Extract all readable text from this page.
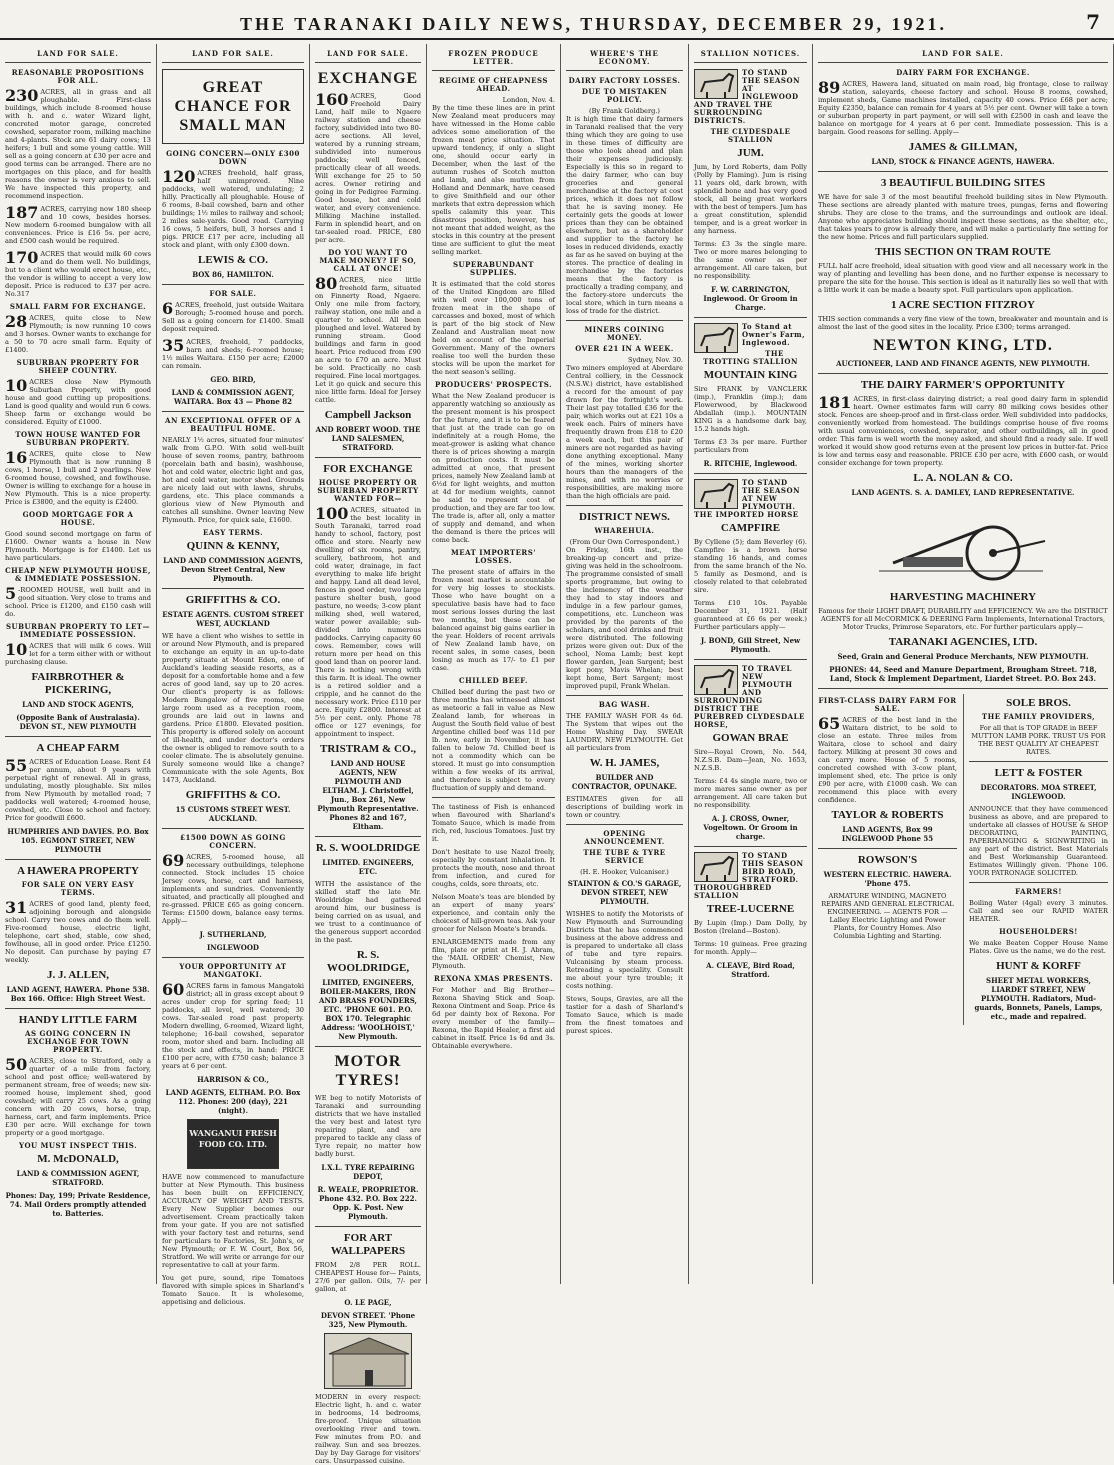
THE TARANAKI DAILY NEWS, THURSDAY, DECEMBER 29, 1921.	7
LAND FOR SALE.
REASONABLE PROPOSITIONS FOR ALL.

230 ACRES, all in grass and all ploughable. First-class buildings, which include 8-roomed house with h. and c. water Wizard light, concreted motor garage, concreted cowshed, separator room, milking machine and 4-plants. Stock are 61 dairy cows; 13 heifers; 1 bull and some young cattle. Will sell as a going concern at £30 per acre and good terms can be arranged. There are no mortgages on this place, and for health reasons the owner is very anxious to sell. We have inspected this property, and recommend inspection.

187 ACRES, carrying now 180 sheep and 10 cows, besides horses. New modern 6-roomed bungalow with all conveniences. Price is £16 5s. per acre, and £500 cash would be required.

170 ACRES that would milk 60 cows and do them well. No buildings, but to a client who would erect house, etc., the vendor is willing to accept a very low deposit. Price is reduced to £37 per acre. No.317

SMALL FARM FOR EXCHANGE.

28 ACRES, quite close to New Plymouth; is now running 10 cows and 3 horses. Owner wants to exchange for a 50 to 70 acre small farm. Equity of £1400.

SUBURBAN PROPERTY FOR SHEEP COUNTRY.

10 ACRES close New Plymouth Suburban Property, with good house and good cutting up propositions. Land is good quality and would run 6 cows. Sheep farm or exchange would be considered. Equity of £1000.

TOWN HOUSE WANTED FOR SUBURBAN PROPERTY.

16 ACRES, quite close to New Plymouth that is now running 8 cows, 1 horse, 1 bull and 2 yearlings. New 6-roomed house, cowshed, and fowlhouse. Owner is willing to exchange for a house in New Plymouth. This is a nice property. Price is £3800, and the equity is £2400.

GOOD MORTGAGE FOR A HOUSE.

Good sound second mortgage on farm of £1600. Owner wants a house in New Plymouth. Mortgage is for £1400. Let us have particulars.

CHEAP NEW PLYMOUTH HOUSE, & IMMEDIATE POSSESSION.

5 -ROOMED HOUSE, well built and in good situation. Very close to trams and school. Price is £1200, and £150 cash will do.

SUBURBAN PROPERTY TO LET—IMMEDIATE POSSESSION.

10 ACRES that will milk 6 cows. Will let for a term either with or without purchasing clause.

FAIRBROTHER & PICKERING,
LAND AND STOCK AGENTS,
(Opposite Bank of Australasia). DEVON ST., NEW PLYMOUTH
A CHEAP FARM

55 ACRES of Education Lease. Rent £4 per annum, about 9 years with perpetual right of renewal. All in grass, undulating, mostly ploughable. Six miles from New Plymouth by metalled road; 7 paddocks well watered; 4-roomed house, cowshed, etc. Close to school and factory. Price for goodwill £600.

HUMPHRIES AND DAVIES. P.O. Box 105. EGMONT STREET, NEW PLYMOUTH
A HAWERA PROPERTY
FOR SALE ON VERY EASY TERMS.

31 ACRES of good land, plenty feed, adjoining borough and alongside school. Carry two cows and do them well. Five-roomed house, electric light, telephone, cart shed, stable, cow shed, fowlhouse, all in good order. Price £1250. No deposit. Can purchase by paying £7 weekly.

J. J. ALLEN,
LAND AGENT, HAWERA. Phone 538. Box 166. Office: High Street West.
HANDY LITTLE FARM
AS GOING CONCERN IN EXCHANGE FOR TOWN PROPERTY.

50 ACRES, close to Stratford, only a quarter of a mile from factory, school and post office; well-watered by permanent stream, free of weeds; new six-roomed house, implement shed, good cowshed; will carry 25 cows. As a going concern with 20 cows, horse, trap, harness, cart, and farm implements. Price £30 per acre. Will exchange for town property or a good mortgage.

YOU MUST INSPECT THIS.
M. McDONALD,
LAND & COMMISSION AGENT, STRATFORD.
Phones: Day, 199; Private Residence, 74. Mail Orders promptly attended to. Batteries.
LAND FOR SALE.
GREAT CHANCE FOR SMALL MAN
GOING CONCERN—ONLY £300 DOWN

120 ACRES freehold, half grass, half unimproved. Nine paddocks, well watered, undulating; 2 hilly. Practically all ploughable. House of 6 rooms, 8-bail cowshed, barn and other buildings; 1½ miles to railway and school; 2 miles sale-yards. Good road. Carrying 16 cows, 5 heifers, bull, 3 horses and 1 pigs. PRICE £17 per acre, including all stock and plant, with only £300 down.

LEWIS & CO.
BOX 86, HAMILTON.
FOR SALE.

6 ACRES, freehold, just outside Waitara Borough; 5-roomed house and porch. Sell as a going concern for £1400. Small deposit required.

35 ACRES, freehold, 7 paddocks, barn and sheds; 6-roomed house; 1½ miles Waitara. £150 per acre; £2000 can remain.

GEO. BIRD,
LAND & COMMISSION AGENT, WAITARA. Box 43 — Phone 82
AN EXCEPTIONAL OFFER OF A BEAUTIFUL HOME.

NEARLY 1½ acres, situated four minutes' walk from G.P.O. With solid well-built house of seven rooms, pantry, bathroom (porcelain bath and basin), washhouse, hot and cold water, electric light and gas, hot and cold water, motor shed. Grounds are nicely laid out with lawns, shrubs, gardens, etc. This place commands a glorious view of New Plymouth and catches all sunshine. Owner leaving New Plymouth. Price, for quick sale, £1600.

EASY TERMS.
QUINN & KENNY,
LAND AND COMMISSION AGENTS, Devon Street Central, New Plymouth.
GRIFFITHS & CO.
ESTATE AGENTS. CUSTOM STREET WEST, AUCKLAND

WE have a client who wishes to settle in or around New Plymouth, and is prepared to exchange an equity in an up-to-date property situate at Mount Eden, one of Auckland's leading seaside resorts, as a deposit for a comfortable home and a few acres of good land, say up to 20 acres. Our client's property is as follows: Modern Bungalow of five rooms, one large room used as a reception room, grounds are laid out in lawns and gardens. Price £1800. Elevated position. This property is offered solely on account of ill-health, and under doctor's orders the owner is obliged to remove south to a cooler climate. The is absolutely genuine. Surely someone would like a change? Communicate with the sole Agents, Box 1473, Auckland.

GRIFFITHS & CO.
15 CUSTOMS STREET WEST. AUCKLAND.
£1500 DOWN AS GOING CONCERN.

69 ACRES, 5-roomed house, all necessary outbuildings, telephone connected. Stock includes 15 choice Jersey cows, horse, cart and harness, implements and sundries. Conveniently situated, and practically all ploughed and re-grassed. PRICE £65 as going concern. Terms: £1500 down, balance easy terms. Apply—

J. SUTHERLAND,
INGLEWOOD
YOUR OPPORTUNITY AT MANGATOKI.

60 ACRES farm in famous Mangatoki district; all in grass except about 9 acres under crop for spring feed; 11 paddocks, all level, well watered; 30 cows. Tar-sealed road past property. Modern dwelling, 6-roomed, Wizard light, telephone; 16-bail cowshed, separator room, motor shed and barn. Including all the stock and effects, in hand: PRICE £100 per acre, with £750 cash; balance 3 years at 6 per cent.

HARRISON & CO.,
LAND AGENTS, ELTHAM. P.O. Box 112. Phones: 200 (day), 221 (night).
WANGANUI FRESH FOOD CO. LTD.

HAVE now commenced to manufacture butter at New Plymouth. This business has been built on EFFICIENCY, ACCURACY OF WEIGHT AND TESTS. Every New Supplier becomes our advertisement. Cream practically taken from your gate. If you are not satisfied with your factory test and returns, send for particulars to Factories, St. John's, or New Plymouth; or F. W. Court, Box 56, Stratford. We will write or arrange for our representative to call at your farm.

You get pure, sound, ripe Tomatoes flavored with simple spices in Sharland's Tomato Sauce. It is wholesome, appetising and delicious.

LAND FOR SALE.
EXCHANGE

160 ACRES, Good Freehold Dairy Land, half mile to Ngaere railway station and cheese factory, subdivided into two 80-acre sections. All level, watered by a running stream, subdivided into numerous paddocks; well fenced, practically clear of all weeds. Will exchange for 25 to 50 acres. Owner retiring and going in for Pedigree Farming. Good house, hot and cold water, and every convenience. Milking Machine installed. Farm in splendid heart, and on tar-sealed road. PRICE, £80 per acre.

DO YOU WANT TO MAKE MONEY? IF SO, CALL AT ONCE!

80 ACRES, nice little freehold farm, situated on Finnerty Road, Ngaere. Only one mile from factory, railway station, one mile and a quarter to school. All been ploughed and level. Watered by running stream. Good buildings and farm in good heart. Price reduced from £90 an acre to £70 an acre. Must be sold. Practically no cash required. Fine local mortgages. Let it go quick and secure this nice little farm. Ideal for Jersey cattle.

Campbell Jackson
AND ROBERT WOOD. THE LAND SALESMEN, STRATFORD.
FOR EXCHANGE
HOUSE PROPERTY OR SUBURBAN PROPERTY WANTED FOR—

100 ACRES, situated in the best locality in South Taranaki, tarred road handy to school, factory, post office and store. Nearly new dwelling of six rooms, pantry, scullery, bathroom, hot and cold water, drainage, in fact everything to make life bright and happy. Land all dead level, fences in good order, two large pasture shelter bush, good pasture, no weeds; 3-cow plant milking shed, well watered, water power available; sub-divided into numerous paddocks. Carrying capacity 60 cows. Remember, cows will return more per head on this good land than on poorer land. There is nothing wrong with this farm. It is ideal. The owner is a retired soldier and a cripple, and he cannot do the necessary work. Price £110 per acre. Equity £2800. Interest at 5½ per cent. only. Phone 78 office or 127 evenings, for appointment to inspect.

TRISTRAM & CO.,
LAND AND HOUSE AGENTS, NEW PLYMOUTH AND ELTHAM. J. Christoffel, Jun., Box 261, New Plymouth Representative. Phones 82 and 167, Eltham.
R. S. WOOLDRIDGE
LIMITED. ENGINEERS, ETC.

WITH the assistance of the skilled staff the late Mr. Wooldridge had gathered around him, our business is being carried on as usual, and we trust to a continuance of the generous support accorded in the past.

R. S. WOOLDRIDGE,
LIMITED, ENGINEERS, BOILER-MAKERS, IRON AND BRASS FOUNDERS, ETC. 'PHONE 601. P.O. BOX 170. Telegraphic Address: 'WOOLHOIST,' New Plymouth.
MOTOR TYRES!

WE beg to notify Motorists of Taranaki and surrounding districts that we have installed the very best and latest tyre repairing plant, and are prepared to tackle any class of Tyre repair, no matter how badly burst.

I.X.L. TYRE REPAIRING DEPOT,
R. WEALE, PROPRIETOR. Phone 432. P.O. Box 222. Opp. K. Post. New Plymouth.
FOR ART WALLPAPERS

FROM 2/8 PER ROLL. CHEAPEST House for— Paints, 27/6 per gallon. Oils, 7/- per gallon, at

O. LE PAGE,
DEVON STREET. 'Phone 325, New Plymouth.

MODERN in every respect: Electric light, h. and c. water in bedrooms, 14 bedrooms, fire-proof. Unique situation overlooking river and town. Few minutes from P.O. and railway. Sun and sea breezes. Day by Day Garage for visitors' cars. Unsurpassed cuisine.

FROZEN PRODUCE LETTER.
REGIME OF CHEAPNESS AHEAD.
London, Nov. 4.

By the time these lines are in print New Zealand meat producers may have witnessed in the Home cable advices some amelioration of the frozen meat price situation. That upward tendency, if only a slight one, should occur early in December, when the last of the autumn rushes of Scotch mutton and lamb, and also mutton from Holland and Denmark, have ceased to give Smithfield and our other markets that extra depression which spells calamity this year. This disastrous position, however, has not meant that added weight, as the stocks in this country at the present time are sufficient to glut the meat selling market.

SUPERABUNDANT SUPPLIES.

It is estimated that the cold stores of the United Kingdom are filled with well over 100,000 tons of frozen meat in the shape of carcasses and boxed, most of which is part of the big stock of New Zealand and Australian meat now held on account of the Imperial Government. Many of the owners realise too well the burden these stocks will be upon the market for the next season's selling.

PRODUCERS' PROSPECTS.

What the New Zealand producer is apparently watching so anxiously as the present moment is his prospect for the future, and it is to be feared that just at the trade can go on indefinitely at a rough Home, the meat-grower is asking what chance there is of prices showing a margin on production costs. It must be admitted at once, that present prices, namely New Zealand lamb at 6½d for light weights, and mutton at 4d for medium weights, cannot be said to represent cost of production, and they are far too low. The trade is, after all, only a matter of supply and demand, and when the demand is there the prices will come back.

MEAT IMPORTERS' LOSSES.

The present state of affairs in the frozen meat market is accountable for very big losses to stockists. Those who have bought on a speculative basis have had to face most serious losses during the last two months, but these can be balanced against big gains earlier in the year. Holders of recent arrivals of New Zealand lamb have, on recent sales, in some cases, been losing as much as 17/- to £1 per case.

CHILLED BEEF.

Chilled beef during the past two or three months has witnessed almost as meteoric a fall in value as New Zealand lamb, for whereas in August the South field value of best Argentine chilled beef was 11d per lb. now, early in November, it has fallen to below 7d. Chilled beef is not a commodity which can be stored. It must go into consumption within a few weeks of its arrival, and therefore is subject to every fluctuation of supply and demand.

The tastiness of Fish is enhanced when flavoured with Sharland's Tomato Sauce, which is made from rich, red, luscious Tomatoes. Just try it.

Don't hesitate to use Nazol freely, especially by constant inhalation. It protects the mouth, nose and throat from infection, and cured for coughs, colds, sore throats, etc.

Nelson Moate's teas are blended by an expert of many years' experience, and contain only the choicest of hill-grown teas. Ask your grocer for Nelson Moate's brands.

ENLARGEMENTS made from any film, plate or print at H. J. Abram, the 'MAIL ORDER' Chemist, New Plymouth.

REXONA XMAS PRESENTS.

For Mother and Big Brother—Rexona Shaving Stick and Soap. Rexona Ointment and Soap. Price 4s 6d per dainty box of Rexona. For every member of the family—Rexona, the Rapid Healer, a first aid cabinet in itself. Price 1s 6d and 3s. Obtainable everywhere.

WHERE'S THE ECONOMY.
DAIRY FACTORY LOSSES.
DUE TO MISTAKEN POLICY.
(By Frank Goldberg.)

It is high time that dairy farmers in Taranaki realised that the very thing which they are going to use in these times of difficulty are those who look ahead and plan their expenses judiciously. Especially is this so in regard to the dairy farmer, who can buy groceries and general merchandise at the factory at cost prices, which it does not follow that he is saving money. He certainly gets the goods at lower prices than they can be obtained elsewhere, but as a shareholder and supplier to the factory he loses in reduced dividends, exactly as far as he saved on buying at the stores. The practice of dealing in merchandise by the factories means that the factory is practically a trading company, and the factory-store undercuts the local store, which in turn means a loss of trade for the district.

MINERS COINING MONEY.
OVER £21 IN A WEEK.
Sydney, Nov. 30.

Two miners employed at Aberdare Central colliery, in the Cessnock (N.S.W.) district, have established a record for the amount of pay drawn for the fortnight's work. Their last pay totalled £36 for the pair, which works out at £21 10s a week each. Pairs of miners have frequently drawn from £18 to £20 a week each, but this pair of miners are not regarded as having done anything exceptional. Many of the mines, working shorter hours than the managers of the mines, and with no worries or responsibilities, are making more than the high officials are paid.

DISTRICT NEWS.
WHAREHUIA.
(From Our Own Correspondent.)

On Friday, 16th inst., the breaking-up concert and prize-giving was held in the schoolroom. The programme consisted of small sports programme, but owing to the inclemency of the weather they had to stay indoors and indulge in a few parlour games, competitions, etc. Luncheon was provided by the parents of the scholars, and cool drinks and fruit were distributed. The following prizes were given out: Dux of the school, Noma Lamb; best kept flower garden, Jean Sargent; best kept pony, Mavis Whelan; best kept home, Bert Sargent; most improved pupil, Frank Whelan.

BAG WASH.

THE FAMILY WASH FOR 4s 6d. The System that wipes out the Home Washing Day. SWEAR LAUNDRY, NEW PLYMOUTH. Get all particulars from

W. H. JAMES,
BUILDER AND CONTRACTOR, OPUNAKE.

ESTIMATES given for all descriptions of building work in town or country.

OPENING ANNOUNCEMENT.
THE TUBE & TYRE SERVICE
(H. E. Hooker, Vulcaniser.)
STAINTON & CO.'S GARAGE, DEVON STREET, NEW PLYMOUTH.

WISHES to notify the Motorists of New Plymouth and Surrounding Districts that he has commenced business at the above address and is prepared to undertake all class of tube and tyre repairs. Vulcanising by steam process. Retreading a speciality. Consult me about your tyre trouble; it costs nothing.

Stews, Soups, Gravies, are all the tastier for a dash of Sharland's Tomato Sauce, which is made from the finest tomatoes and purest spices.

STALLION NOTICES.
TO STAND THE SEASON AT INGLEWOOD AND TRAVEL THE SURROUNDING DISTRICTS.
THE CLYDESDALE STALLION
JUM.

Jum, by Lord Roberts, dam Polly (Polly by Flaming). Jum is rising 11 years old, dark brown, with splendid bone and has very good stock, all being great workers with the best of tempers. Jum has a great constitution, splendid temper, and is a great worker in any harness.

Terms: £3 3s the single mare. Two or more mares belonging to the same owner as per arrangement. All care taken, but no responsibility.

F. W. CARRINGTON, Inglewood. Or Groom in Charge.
To Stand at Owner's Farm, Inglewood.
THE TROTTING STALLION
MOUNTAIN KING

Sire FRANK by VANCLERK (imp.), Franklin (imp.); dam Flowerwood, by Blackwood Abdallah (imp.). MOUNTAIN KING is a handsome dark bay, 15.2 hands high.

Terms £3 3s per mare. Further particulars from

R. RITCHIE, Inglewood.
TO STAND THE SEASON AT NEW PLYMOUTH. THE IMPORTED HORSE
CAMPFIRE

By Cyllene (5); dam Beverley (6). Campfire is a brown horse standing 16 hands, and comes from the same branch of the No. 5 family as Desmond, and is closely related to that celebrated sire.

Terms £10 10s. Payable December 31, 1921. (Half guaranteed at £6 6s per week.) Further particulars apply—

J. BOND, Gill Street, New Plymouth.
TO TRAVEL NEW PLYMOUTH AND SURROUNDING DISTRICT THE PUREBRED CLYDESDALE HORSE,
GOWAN BRAE

Sire—Royal Crown, No. 544, N.Z.S.B. Dam—Jean, No. 1653, N.Z.S.B.

Terms: £4 4s single mare, two or more mares same owner as per arrangement. All care taken but no responsibility.

A. J. CROSS, Owner, Vogeltown. Or Groom in charge.
TO STAND THIS SEASON BIRD ROAD, STRATFORD. THOROUGHBRED STALLION
TREE-LUCERNE

By Lupin (Imp.) Dam Dolly, by Boston (Ireland—Boston).

Terms: 10 guineas. Free grazing for month. Apply—

A. CLEAVE, Bird Road, Stratford.
LAND FOR SALE.
DAIRY FARM FOR EXCHANGE.

89 ACRES, Hawera land, situated on main road, big frontage, close to railway station, saleyards, cheese factory and school. House 8 rooms, cowshed, implement sheds, Game machines installed, capacity 40 cows. Price £68 per acre; Equity £2350, balance can remain for 4 years at 5½ per cent. Owner will take a town or suburban property in part payment, or will sell with £2500 in cash and leave the balance on mortgage for 4 years at 6 per cent. Immediate possession. This is a bargain. Good reasons for selling. Apply—

JAMES & GILLMAN,
LAND, STOCK & FINANCE AGENTS, HAWERA.
3 BEAUTIFUL BUILDING SITES

WE have for sale 3 of the most beautiful freehold building sites in New Plymouth. These sections are already planted with mature trees, pungas, ferns and flowering shrubs. They are close to the trams, and the surroundings and outlook are ideal. Anyone who appreciates building should inspect these sections, as the shelter, etc., that takes years to grow is already there, and will make a particularly fine setting for the new home. Prices and full particulars supplied.

THIS SECTION ON TRAM ROUTE

FULL half acre freehold, ideal situation with good view and all necessary work in the way of planting and levelling has been done, and no further expense is necessary to prepare the site for the house. This section is ideal as it naturally lies so well that with a little work it can be made a beauty spot. Full particulars upon application.

1 ACRE SECTION FITZROY

THIS section commands a very fine view of the town, breakwater and mountain and is almost the last of the good sites in the locality. Price £300; terms arranged.

NEWTON KING, LTD.
AUCTIONEER, LAND AND FINANCE AGENTS, NEW PLYMOUTH.
THE DAIRY FARMER'S OPPORTUNITY

181 ACRES, in first-class dairying district; a real good dairy farm in splendid heart. Owner estimates farm will carry 80 milking cows besides other stock. Fences are sheep-proof and in first-class order. Well subdivided into paddocks, conveniently worked from homestead. The buildings comprise house of five rooms with usual conveniences, cowshed, separator, and other outbuildings, all in good order. This farm is well worth the money asked, and should find a ready sale. If well worked it would show good returns even at the present low prices in butter-fat. Price is low and terms easy and reasonable. PRICE £30 per acre, with £600 cash, or would consider exchange for town property.

L. A. NOLAN & CO.
LAND AGENTS. S. A. DAMLEY, LAND REPRESENTATIVE.
HARVESTING MACHINERY

Famous for their LIGHT DRAFT, DURABILITY and EFFICIENCY. We are the DISTRICT AGENTS for all McCORMICK & DEERING Farm Implements, International Tractors, Motor Trucks, Primrose Separators, etc. For further particulars apply—

TARANAKI AGENCIES, LTD.
Seed, Grain and General Produce Merchants, NEW PLYMOUTH.
PHONES: 44, Seed and Manure Department, Brougham Street. 718, Land, Stock & Implement Department, Liardet Street. P.O. Box 243.
FIRST-CLASS DAIRY FARM FOR SALE.

65 ACRES of the best land in the Waitara district, to be sold to close an estate. Three miles from Waitara, close to school and dairy factory. Milking at present 30 cows and can carry more. House of 5 rooms, concreted cowshed with 3-cow plant, implement shed, etc. The price is only £90 per acre, with £1000 cash. We can recommend this place with every confidence.

TAYLOR & ROBERTS
LAND AGENTS, Box 99 INGLEWOOD Phone 55
ROWSON'S
WESTERN ELECTRIC. HAWERA. 'Phone 475.

ARMATURE WINDING, MAGNETO REPAIRS AND GENERAL ELECTRICAL ENGINEERING. — AGENTS FOR — Lalley Electric Lighting and Power Plants, for Country Homes. Also Columbia Lighting and Starting.

SOLE BROS.
THE FAMILY PROVIDERS,

For all that is TOP GRADE in BEEF MUTTON LAMB PORK. TRUST US FOR THE BEST QUALITY AT CHEAPEST RATES.

LETT & FOSTER
DECORATORS. MOA STREET, INGLEWOOD.

ANNOUNCE that they have commenced business as above, and are prepared to undertake all classes of HOUSE & SHOP DECORATING, PAINTING, PAPERHANGING & SIGNWRITING in any part of the district. Best Materials and Best Workmanship Guaranteed. Estimates Willingly given. 'Phone 106. YOUR PATRONAGE SOLICITED.

FARMERS!

Boiling Water (4gal) every 3 minutes. Call and see our RAPID WATER HEATER.

HOUSEHOLDERS!

We make Beaten Copper House Name Plates. Give us the name, we do the rest.

HUNT & KORFF
SHEET METAL WORKERS, LIARDET STREET, NEW PLYMOUTH. Radiators, Mud-guards, Bonnets, Panels, Lamps, etc., made and repaired.
